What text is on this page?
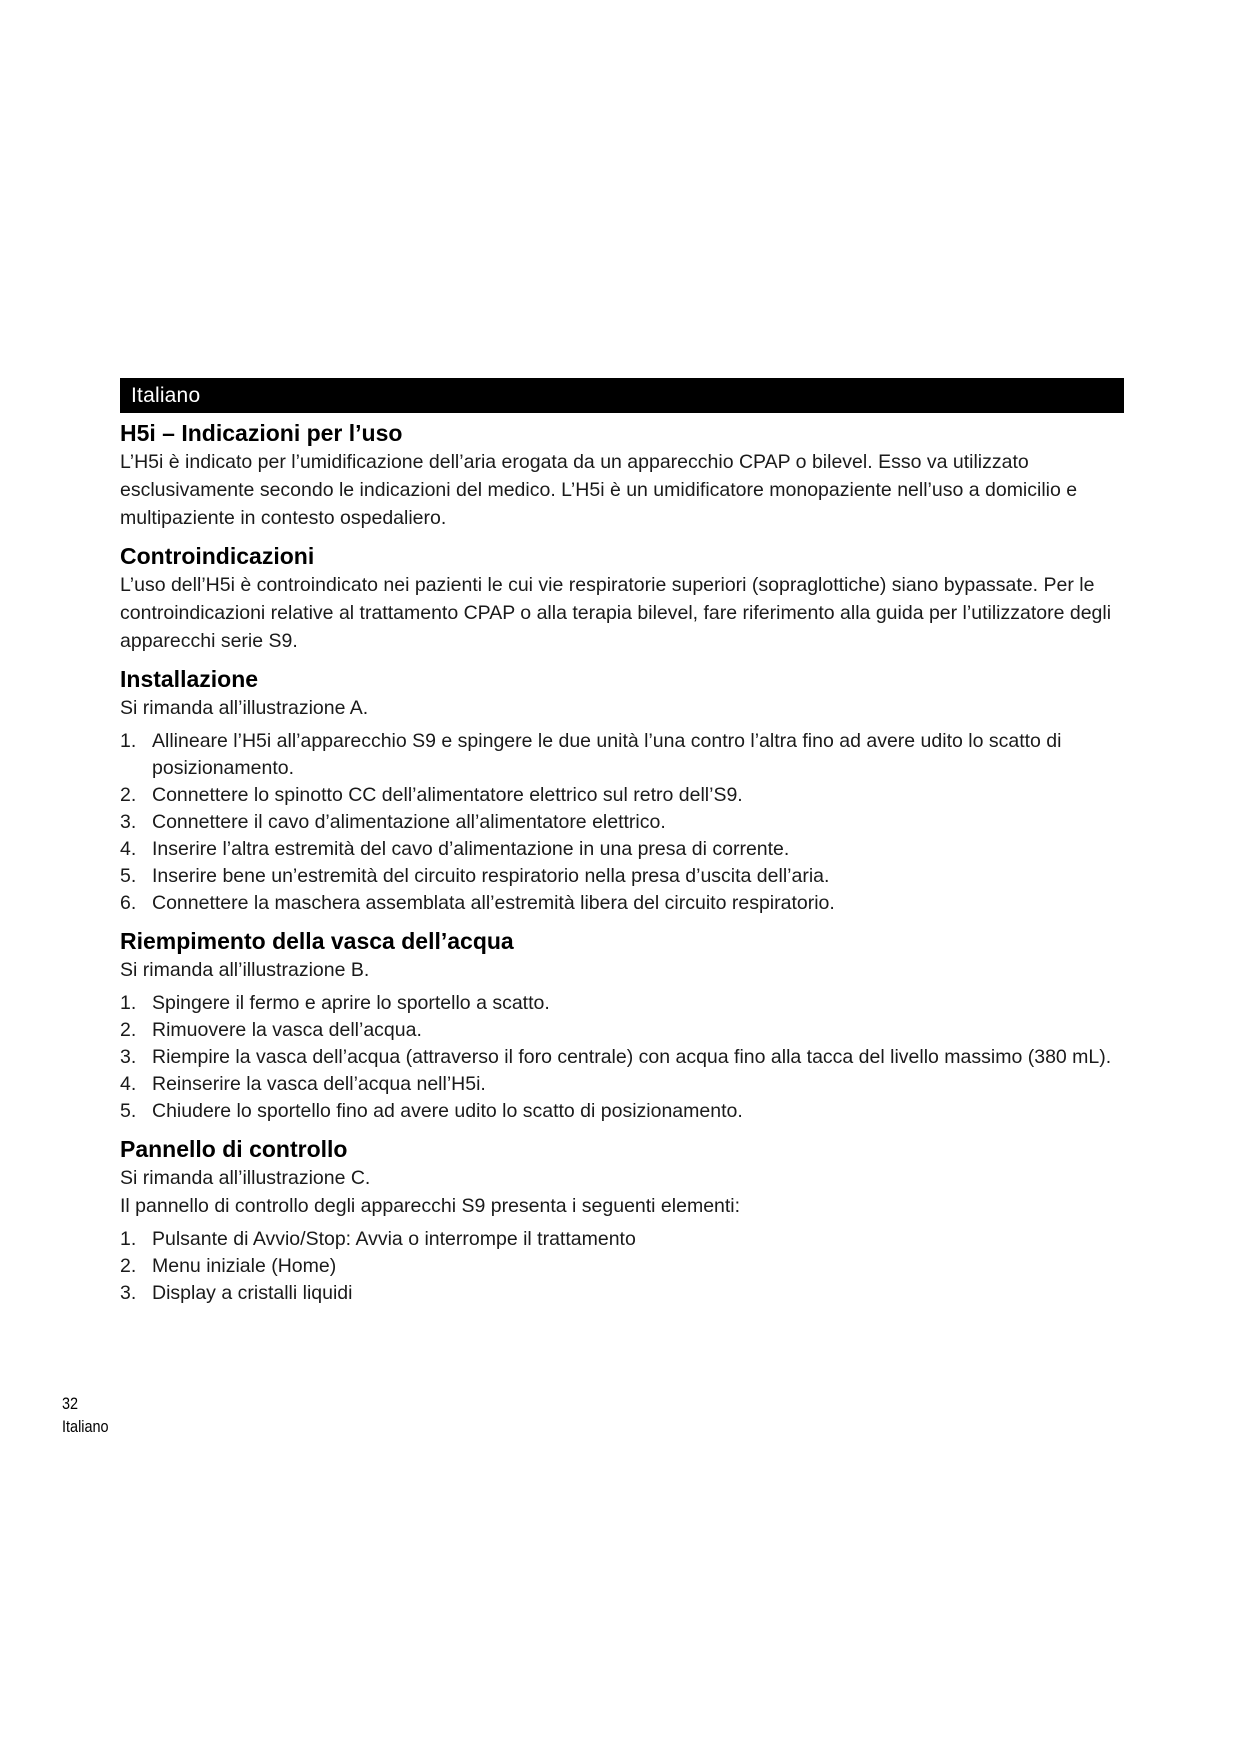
Italiano
H5i – Indicazioni per l’uso

L’H5i è indicato per l’umidificazione dell’aria erogata da un apparecchio CPAP o bilevel. Esso va utilizzato esclusivamente secondo le indicazioni del medico. L’H5i è un umidificatore monopaziente nell’uso a domicilio e multipaziente in contesto ospedaliero.

Controindicazioni

L’uso dell’H5i è controindicato nei pazienti le cui vie respiratorie superiori (sopraglottiche) siano bypassate. Per le controindicazioni relative al trattamento CPAP o alla terapia bilevel, fare riferimento alla guida per l’utilizzatore degli apparecchi serie S9.

Installazione

Si rimanda all’illustrazione A.

1. Allineare l’H5i all’apparecchio S9 e spingere le due unità l’una contro l’altra fino ad avere udito lo scatto di posizionamento.
2. Connettere lo spinotto CC dell’alimentatore elettrico sul retro dell’S9.
3. Connettere il cavo d’alimentazione all’alimentatore elettrico.
4. Inserire l’altra estremità del cavo d’alimentazione in una presa di corrente.
5. Inserire bene un’estremità del circuito respiratorio nella presa d’uscita dell’aria.
6. Connettere la maschera assemblata all’estremità libera del circuito respiratorio.
Riempimento della vasca dell’acqua

Si rimanda all’illustrazione B.

1. Spingere il fermo e aprire lo sportello a scatto.
2. Rimuovere la vasca dell’acqua.
3. Riempire la vasca dell’acqua (attraverso il foro centrale) con acqua fino alla tacca del livello massimo (380 mL).
4. Reinserire la vasca dell’acqua nell’H5i.
5. Chiudere lo sportello fino ad avere udito lo scatto di posizionamento.
Pannello di controllo

Si rimanda all’illustrazione C.

Il pannello di controllo degli apparecchi S9 presenta i seguenti elementi:

1. Pulsante di Avvio/Stop: Avvia o interrompe il trattamento
2. Menu iniziale (Home)
3. Display a cristalli liquidi
32
Italiano
